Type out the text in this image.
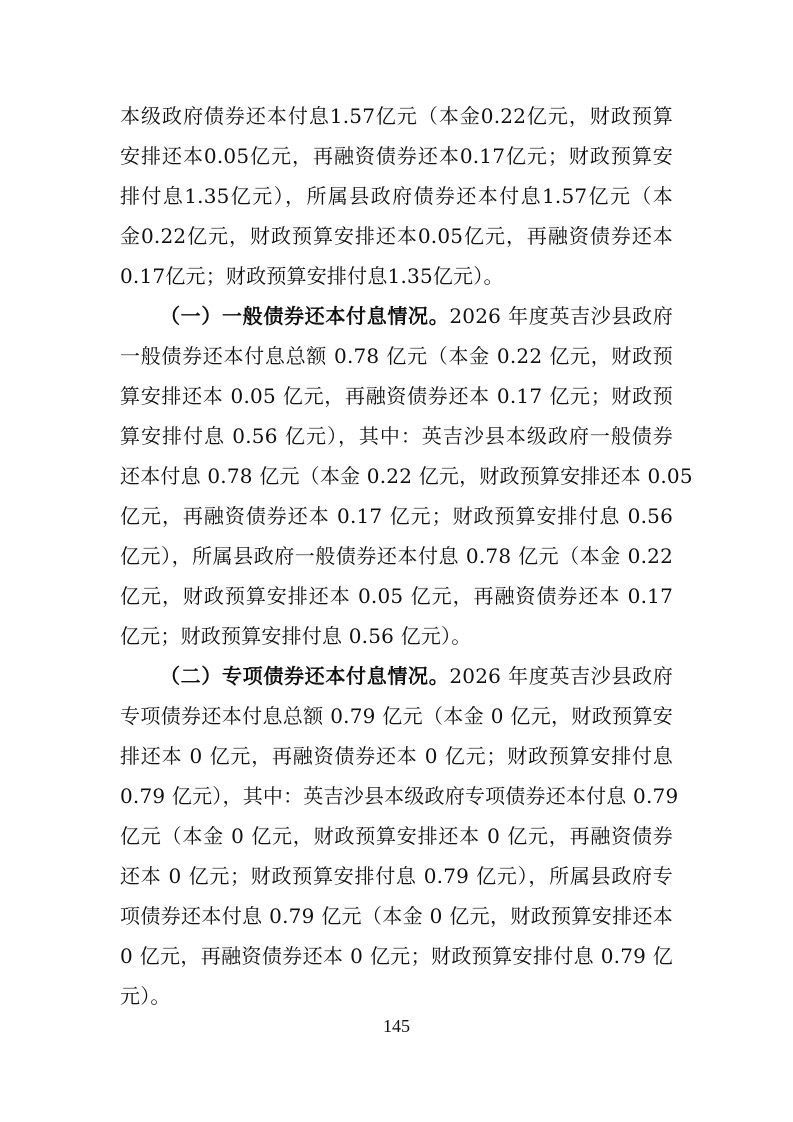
本级政府债券还本付息1.57亿元（本金0.22亿元，财政预算
安排还本0.05亿元，再融资债券还本0.17亿元；财政预算安
排付息1.35亿元），所属县政府债券还本付息1.57亿元（本
金0.22亿元，财政预算安排还本0.05亿元，再融资债券还本
0.17亿元；财政预算安排付息1.35亿元）。
（一）一般债券还本付息情况。2026 年度英吉沙县政府
一般债券还本付息总额 0.78 亿元（本金 0.22 亿元，财政预
算安排还本 0.05 亿元，再融资债券还本 0.17 亿元；财政预
算安排付息 0.56 亿元），其中：英吉沙县本级政府一般债券
还本付息 0.78 亿元（本金 0.22 亿元，财政预算安排还本 0.05
亿元，再融资债券还本 0.17 亿元；财政预算安排付息 0.56
亿元），所属县政府一般债券还本付息 0.78 亿元（本金 0.22
亿元，财政预算安排还本 0.05 亿元，再融资债券还本 0.17
亿元；财政预算安排付息 0.56 亿元）。
（二）专项债券还本付息情况。2026 年度英吉沙县政府
专项债券还本付息总额 0.79 亿元（本金 0 亿元，财政预算安
排还本 0 亿元，再融资债券还本 0 亿元；财政预算安排付息
0.79 亿元），其中：英吉沙县本级政府专项债券还本付息 0.79
亿元（本金 0 亿元，财政预算安排还本 0 亿元，再融资债券
还本 0 亿元；财政预算安排付息 0.79 亿元），所属县政府专
项债券还本付息 0.79 亿元（本金 0 亿元，财政预算安排还本
0 亿元，再融资债券还本 0 亿元；财政预算安排付息 0.79 亿
元）。
145
